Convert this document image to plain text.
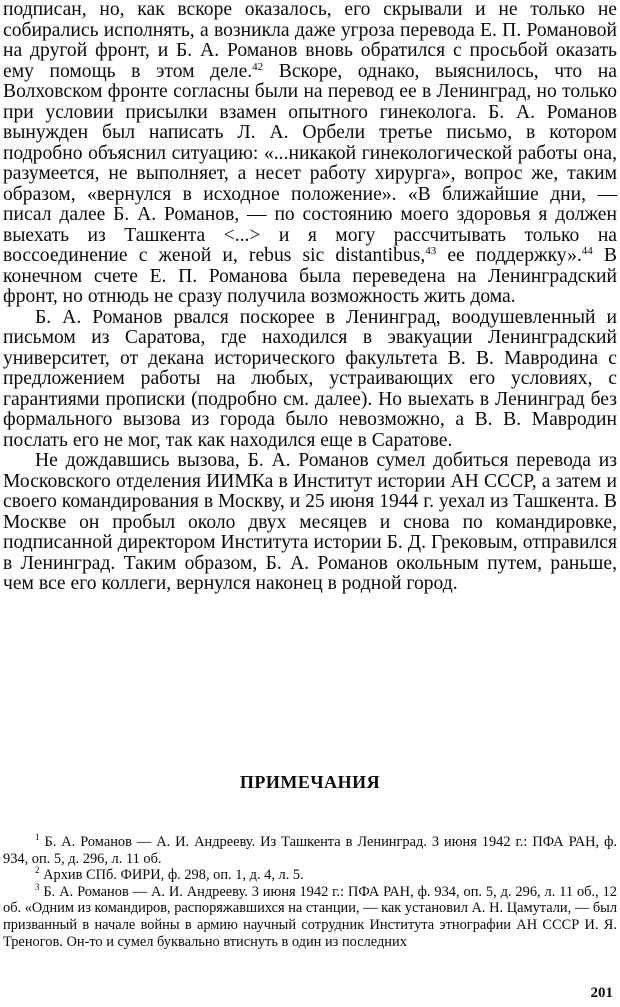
подписан, но, как вскоре оказалось, его скрывали и не только не собирались исполнять, а возникла даже угроза перевода Е. П. Романовой на другой фронт, и Б. А. Романов вновь обратился с просьбой оказать ему помощь в этом деле.$^{42}$ Вскоре, однако, выяснилось, что на Волховском фронте согласны были на перевод ее в Ленинград, но только при условии присылки взамен опытного гинеколога. Б. А. Романов вынужден был написать Л. А. Орбели третье письмо, в котором подробно объяснил ситуацию: «...никакой гинекологической работы она, разумеется, не выполняет, а несет работу хирурга», вопрос же, таким образом, «вернулся в исходное положение». «В ближайшие дни, — писал далее Б. А. Романов, — по состоянию моего здоровья я должен выехать из Ташкента <...> и я могу рассчитывать только на воссоединение с женой и, rebus sic distantibus,$^{43}$ ее поддержку».$^{44}$ В конечном счете Е. П. Романова была переведена на Ленинградский фронт, но отнюдь не сразу получила возможность жить дома.

Б. А. Романов рвался поскорее в Ленинград, воодушевленный и письмом из Саратова, где находился в эвакуации Ленинградский университет, от декана исторического факультета В. В. Мавродина с предложением работы на любых, устраивающих его условиях, с гарантиями прописки (подробно см. далее). Но выехать в Ленинград без формального вызова из города было невозможно, а В. В. Мавродин послать его не мог, так как находился еще в Саратове.

Не дождавшись вызова, Б. А. Романов сумел добиться перевода из Московского отделения ИИМКа в Институт истории АН СССР, а затем и своего командирования в Москву, и 25 июня 1944 г. уехал из Ташкента. В Москве он пробыл около двух месяцев и снова по командировке, подписанной директором Института истории Б. Д. Грековым, отправился в Ленинград. Таким образом, Б. А. Романов окольным путем, раньше, чем все его коллеги, вернулся наконец в родной город.

ПРИМЕЧАНИЯ

$^1$ Б. А. Романов — А. И. Андрееву. Из Ташкента в Ленинград. 3 июня 1942 г.: ПФА РАН, ф. 934, оп. 5, д. 296, л. 11 об.

$^2$ Архив СПб. ФИРИ, ф. 298, оп. 1, д. 4, л. 5.

$^3$ Б. А. Романов — А. И. Андрееву. 3 июня 1942 г.: ПФА РАН, ф. 934, оп. 5, д. 296, л. 11 об., 12 об. «Одним из командиров, распоряжавшихся на станции, — как установил А. Н. Цамутали, — был призванный в начале войны в армию научный сотрудник Института этнографии АН СССР И. Я. Треногов. Он-то и сумел буквально втиснуть в один из последних

201
